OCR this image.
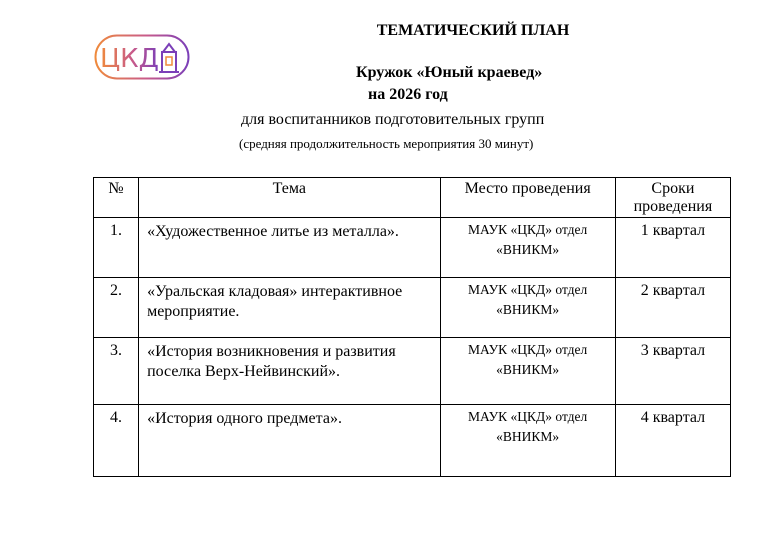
ЦКД
ТЕМАТИЧЕСКИЙ ПЛАН
Кружок «Юный краевед»
на 2026 год
для воспитанников подготовительных групп
(средняя продолжительность мероприятия 30 минут)
№	Тема	Место проведения	Сроки проведения
1.	«Художественное литье из металла».	МАУК «ЦКД» отдел «ВНИКМ»	1 квартал
2.	«Уральская кладовая» интерактивное мероприятие.	МАУК «ЦКД» отдел «ВНИКМ»	2 квартал
3.	«История возникновения и развития поселка Верх-Нейвинский».	МАУК «ЦКД» отдел «ВНИКМ»	3 квартал
4.	«История одного предмета».	МАУК «ЦКД» отдел «ВНИКМ»	4 квартал
